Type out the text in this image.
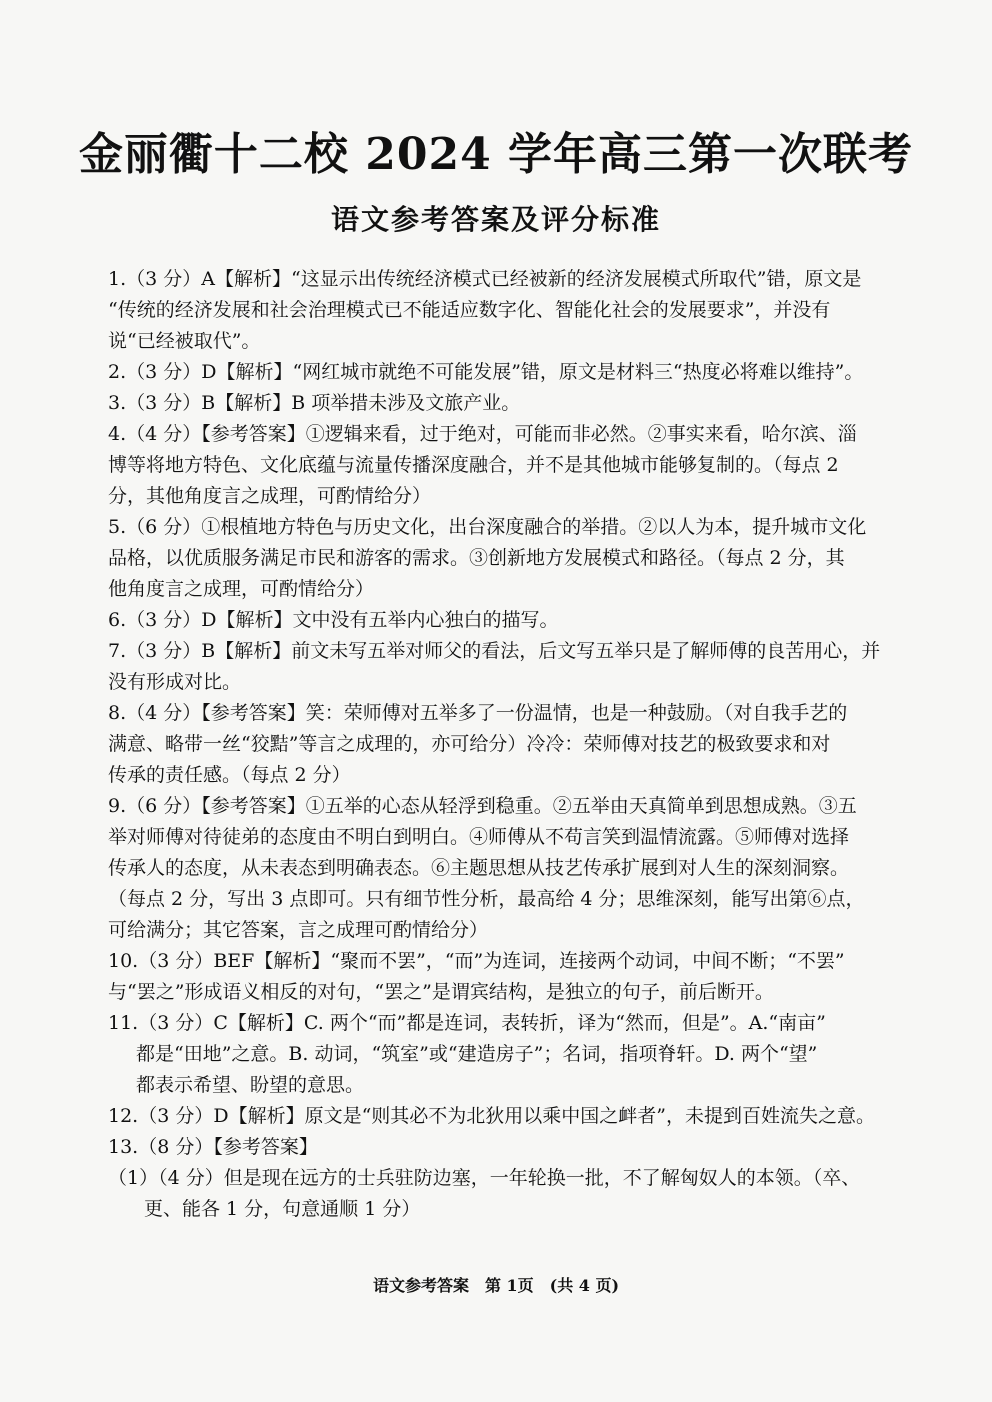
金丽衢十二校 2024 学年高三第一次联考
语文参考答案及评分标准
1.（3 分）A【解析】“这显示出传统经济模式已经被新的经济发展模式所取代”错，原文是
“传统的经济发展和社会治理模式已不能适应数字化、智能化社会的发展要求”，并没有
说“已经被取代”。
2.（3 分）D【解析】“网红城市就绝不可能发展”错，原文是材料三“热度必将难以维持”。
3.（3 分）B【解析】B 项举措未涉及文旅产业。
4.（4 分）【参考答案】①逻辑来看，过于绝对，可能而非必然。②事实来看，哈尔滨、淄
博等将地方特色、文化底蕴与流量传播深度融合，并不是其他城市能够复制的。（每点 2
分，其他角度言之成理，可酌情给分）
5.（6 分）①根植地方特色与历史文化，出台深度融合的举措。②以人为本，提升城市文化
品格，以优质服务满足市民和游客的需求。③创新地方发展模式和路径。（每点 2 分，其
他角度言之成理，可酌情给分）
6.（3 分）D【解析】文中没有五举内心独白的描写。
7.（3 分）B【解析】前文未写五举对师父的看法，后文写五举只是了解师傅的良苦用心，并
没有形成对比。
8.（4 分）【参考答案】笑：荣师傅对五举多了一份温情，也是一种鼓励。（对自我手艺的
满意、略带一丝“狡黠”等言之成理的，亦可给分）冷冷：荣师傅对技艺的极致要求和对
传承的责任感。（每点 2 分）
9.（6 分）【参考答案】①五举的心态从轻浮到稳重。②五举由天真简单到思想成熟。③五
举对师傅对待徒弟的态度由不明白到明白。④师傅从不苟言笑到温情流露。⑤师傅对选择
传承人的态度，从未表态到明确表态。⑥主题思想从技艺传承扩展到对人生的深刻洞察。
（每点 2 分，写出 3 点即可。只有细节性分析，最高给 4 分；思维深刻，能写出第⑥点，
可给满分；其它答案，言之成理可酌情给分）
10.（3 分）BEF【解析】“聚而不罢”，“而”为连词，连接两个动词，中间不断；“不罢”
与“罢之”形成语义相反的对句，“罢之”是谓宾结构，是独立的句子，前后断开。
11.（3 分）C【解析】C. 两个“而”都是连词，表转折，译为“然而，但是”。A.“南亩”
都是“田地”之意。B. 动词，“筑室”或“建造房子”；名词，指项脊轩。D. 两个“望”
都表示希望、盼望的意思。
12.（3 分）D【解析】原文是“则其必不为北狄用以乘中国之衅者”，未提到百姓流失之意。
13.（8 分）【参考答案】
（1）（4 分）但是现在远方的士兵驻防边塞，一年轮换一批，不了解匈奴人的本领。（卒、
更、能各 1 分，句意通顺 1 分）
语文参考答案　第 1页　(共 4 页)
